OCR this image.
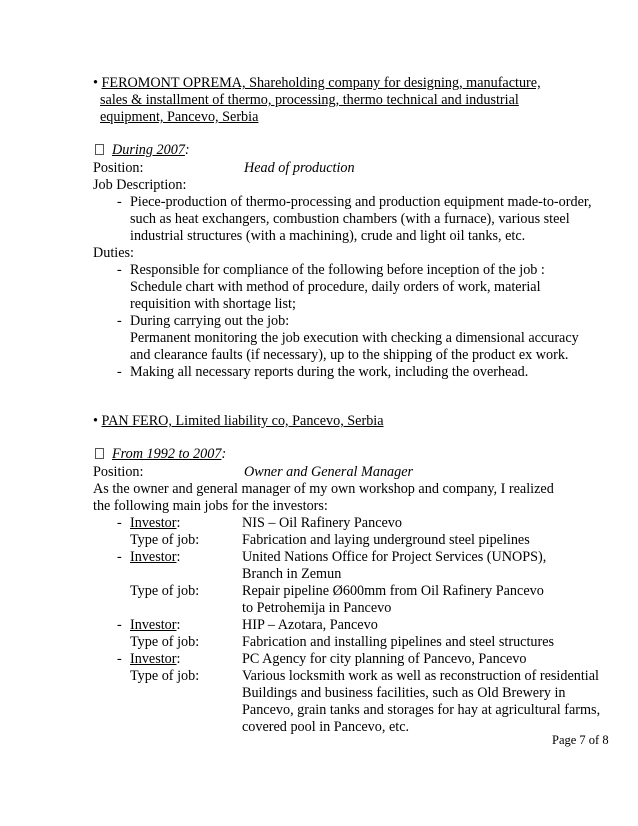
• FEROMONT OPREMA, Shareholding company for designing, manufacture,
sales & installment of thermo, processing, thermo technical and industrial
equipment, Pancevo, Serbia
During 2007:
Position:	Head of production
Job Description:
- Piece-production of thermo-processing and production equipment made-to-order,
such as heat exchangers, combustion chambers (with a furnace), various steel
industrial structures (with a machining), crude and light oil tanks, etc.
Duties:
- Responsible for compliance of the following before inception of the job :
Schedule chart with method of procedure, daily orders of work, material
requisition with shortage list;
- During carrying out the job:
Permanent monitoring the job execution with checking a dimensional accuracy
and clearance faults (if necessary), up to the shipping of the product ex work.
- Making all necessary reports during the work, including the overhead.
• PAN FERO, Limited liability co, Pancevo, Serbia
From 1992 to 2007:
Position:	Owner and General Manager
As the owner and general manager of my own workshop and company, I realized
the following main jobs for the investors:
- Investor:	NIS – Oil Rafinery Pancevo
Type of job:	Fabrication and laying underground steel pipelines
- Investor:	United Nations Office for Project Services (UNOPS),
Branch in Zemun
Type of job:	Repair pipeline Ø600mm from Oil Rafinery Pancevo
to Petrohemija in Pancevo
- Investor:	HIP – Azotara, Pancevo
Type of job:	Fabrication and installing pipelines and steel structures
- Investor:	PC Agency for city planning of Pancevo, Pancevo
Type of job:	Various locksmith work as well as reconstruction of residential
Buildings and business facilities, such as Old Brewery in
Pancevo, grain tanks and storages for hay at agricultural farms,
covered pool in Pancevo, etc.
Page 7 of 8
